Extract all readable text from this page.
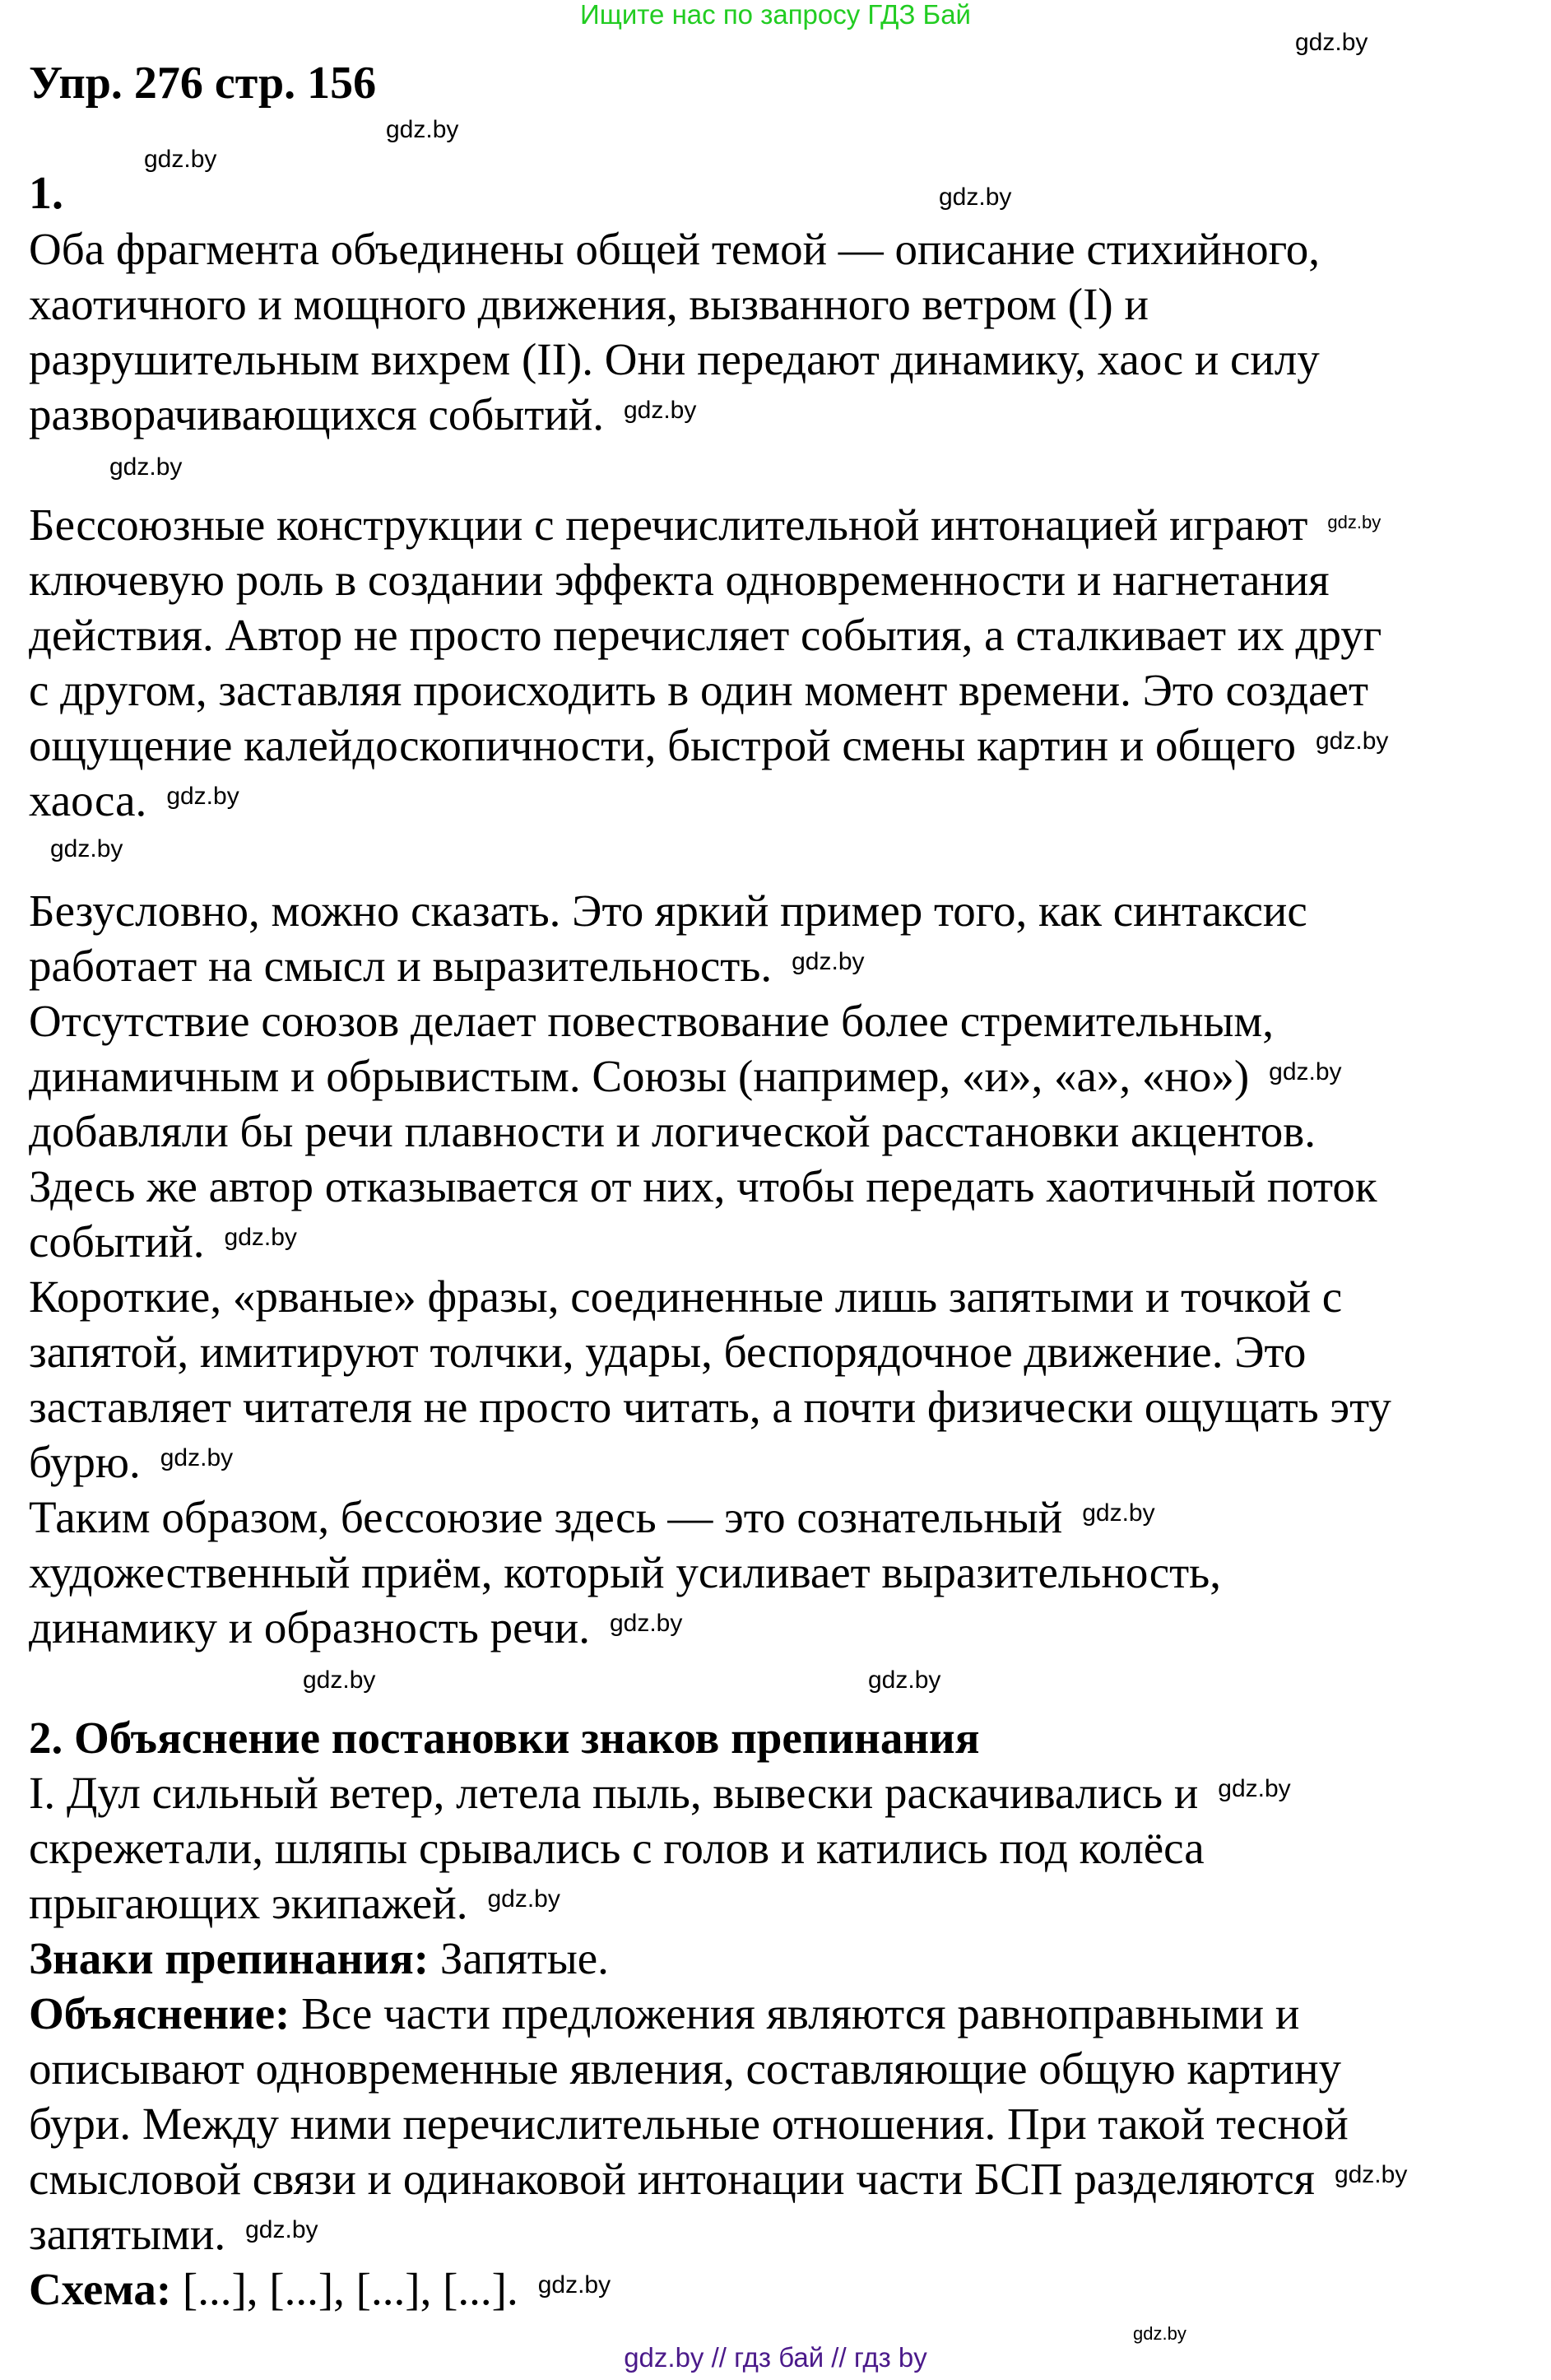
Ищите нас по запросу ГДЗ Бай
Упр. 276 стр. 156
1.
Оба фрагмента объединены общей темой — описание стихийного,
хаотичного и мощного движения, вызванного ветром (I) и
разрушительным вихрем (II). Они передают динамику, хаос и силу
разворачивающихся событий. gdz.by
Бессоюзные конструкции с перечислительной интонацией играют gdz.by
ключевую роль в создании эффекта одновременности и нагнетания
действия. Автор не просто перечисляет события, а сталкивает их друг
с другом, заставляя происходить в один момент времени. Это создает
ощущение калейдоскопичности, быстрой смены картин и общего gdz.by
хаоса. gdz.by
Безусловно, можно сказать. Это яркий пример того, как синтаксис
работает на смысл и выразительность. gdz.by
Отсутствие союзов делает повествование более стремительным,
динамичным и обрывистым. Союзы (например, «и», «а», «но») gdz.by
добавляли бы речи плавности и логической расстановки акцентов.
Здесь же автор отказывается от них, чтобы передать хаотичный поток
событий. gdz.by
Короткие, «рваные» фразы, соединенные лишь запятыми и точкой с
запятой, имитируют толчки, удары, беспорядочное движение. Это
заставляет читателя не просто читать, а почти физически ощущать эту
бурю. gdz.by
Таким образом, бессоюзие здесь — это сознательный gdz.by
художественный приём, который усиливает выразительность,
динамику и образность речи. gdz.by
2. Объяснение постановки знаков препинания
I. Дул сильный ветер, летела пыль, вывески раскачивались и gdz.by
скрежетали, шляпы срывались с голов и катились под колёса
прыгающих экипажей. gdz.by
Знаки препинания: Запятые.
Объяснение: Все части предложения являются равноправными и
описывают одновременные явления, составляющие общую картину
бури. Между ними перечислительные отношения. При такой тесной
смысловой связи и одинаковой интонации части БСП разделяются gdz.by
запятыми. gdz.by
Схема: [...], [...], [...], [...]. gdz.by
gdz.by
gdz.by
gdz.by
gdz.by
gdz.by
gdz.by
gdz.by
gdz.by
gdz.by
gdz.by // гдз бай // гдз by
